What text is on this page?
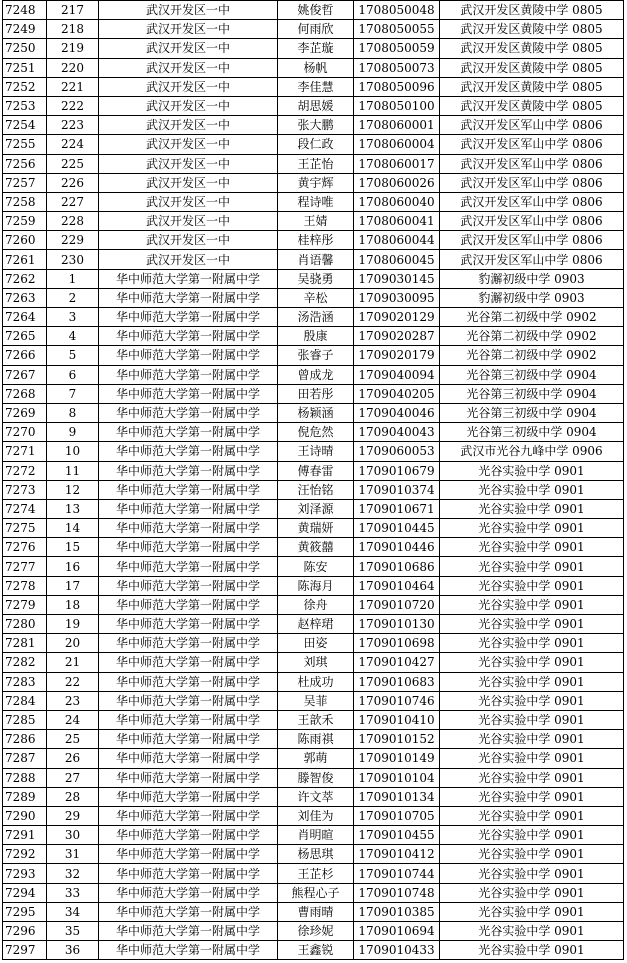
7248	217	武汉开发区一中	姚俊哲	1708050048	武汉开发区黄陵中学 0805
7249	218	武汉开发区一中	何雨欣	1708050055	武汉开发区黄陵中学 0805
7250	219	武汉开发区一中	李芷璇	1708050059	武汉开发区黄陵中学 0805
7251	220	武汉开发区一中	杨帆	1708050073	武汉开发区黄陵中学 0805
7252	221	武汉开发区一中	李佳慧	1708050096	武汉开发区黄陵中学 0805
7253	222	武汉开发区一中	胡思媛	1708050100	武汉开发区黄陵中学 0805
7254	223	武汉开发区一中	张大鹏	1708060001	武汉开发区军山中学 0806
7255	224	武汉开发区一中	段仁政	1708060004	武汉开发区军山中学 0806
7256	225	武汉开发区一中	王芷怡	1708060017	武汉开发区军山中学 0806
7257	226	武汉开发区一中	黄宇辉	1708060026	武汉开发区军山中学 0806
7258	227	武汉开发区一中	程诗唯	1708060040	武汉开发区军山中学 0806
7259	228	武汉开发区一中	王婧	1708060041	武汉开发区军山中学 0806
7260	229	武汉开发区一中	桂梓彤	1708060044	武汉开发区军山中学 0806
7261	230	武汉开发区一中	肖语馨	1708060045	武汉开发区军山中学 0806
7262	1	华中师范大学第一附属中学	吴骁勇	1709030145	豹澥初级中学 0903
7263	2	华中师范大学第一附属中学	辛松	1709030095	豹澥初级中学 0903
7264	3	华中师范大学第一附属中学	汤浩涵	1709020129	光谷第二初级中学 0902
7265	4	华中师范大学第一附属中学	殷康	1709020287	光谷第二初级中学 0902
7266	5	华中师范大学第一附属中学	张睿子	1709020179	光谷第二初级中学 0902
7267	6	华中师范大学第一附属中学	曾成龙	1709040094	光谷第三初级中学 0904
7268	7	华中师范大学第一附属中学	田若彤	1709040205	光谷第三初级中学 0904
7269	8	华中师范大学第一附属中学	杨颖涵	1709040046	光谷第三初级中学 0904
7270	9	华中师范大学第一附属中学	倪危然	1709040043	光谷第三初级中学 0904
7271	10	华中师范大学第一附属中学	王诗晴	1709060053	武汉市光谷九峰中学 0906
7272	11	华中师范大学第一附属中学	傅春雷	1709010679	光谷实验中学 0901
7273	12	华中师范大学第一附属中学	汪怡铭	1709010374	光谷实验中学 0901
7274	13	华中师范大学第一附属中学	刘泽源	1709010671	光谷实验中学 0901
7275	14	华中师范大学第一附属中学	黄瑞妍	1709010445	光谷实验中学 0901
7276	15	华中师范大学第一附属中学	黄筱囍	1709010446	光谷实验中学 0901
7277	16	华中师范大学第一附属中学	陈安	1709010686	光谷实验中学 0901
7278	17	华中师范大学第一附属中学	陈海月	1709010464	光谷实验中学 0901
7279	18	华中师范大学第一附属中学	徐舟	1709010720	光谷实验中学 0901
7280	19	华中师范大学第一附属中学	赵梓珺	1709010130	光谷实验中学 0901
7281	20	华中师范大学第一附属中学	田姿	1709010698	光谷实验中学 0901
7282	21	华中师范大学第一附属中学	刘琪	1709010427	光谷实验中学 0901
7283	22	华中师范大学第一附属中学	杜成功	1709010683	光谷实验中学 0901
7284	23	华中师范大学第一附属中学	吴菲	1709010746	光谷实验中学 0901
7285	24	华中师范大学第一附属中学	王歆禾	1709010410	光谷实验中学 0901
7286	25	华中师范大学第一附属中学	陈雨祺	1709010152	光谷实验中学 0901
7287	26	华中师范大学第一附属中学	郭萌	1709010149	光谷实验中学 0901
7288	27	华中师范大学第一附属中学	滕智俊	1709010104	光谷实验中学 0901
7289	28	华中师范大学第一附属中学	许文萃	1709010134	光谷实验中学 0901
7290	29	华中师范大学第一附属中学	刘佳为	1709010705	光谷实验中学 0901
7291	30	华中师范大学第一附属中学	肖明暄	1709010455	光谷实验中学 0901
7292	31	华中师范大学第一附属中学	杨思琪	1709010412	光谷实验中学 0901
7293	32	华中师范大学第一附属中学	王芷杉	1709010744	光谷实验中学 0901
7294	33	华中师范大学第一附属中学	熊程心子	1709010748	光谷实验中学 0901
7295	34	华中师范大学第一附属中学	曹雨晴	1709010385	光谷实验中学 0901
7296	35	华中师范大学第一附属中学	徐珍妮	1709010694	光谷实验中学 0901
7297	36	华中师范大学第一附属中学	王鑫锐	1709010433	光谷实验中学 0901
